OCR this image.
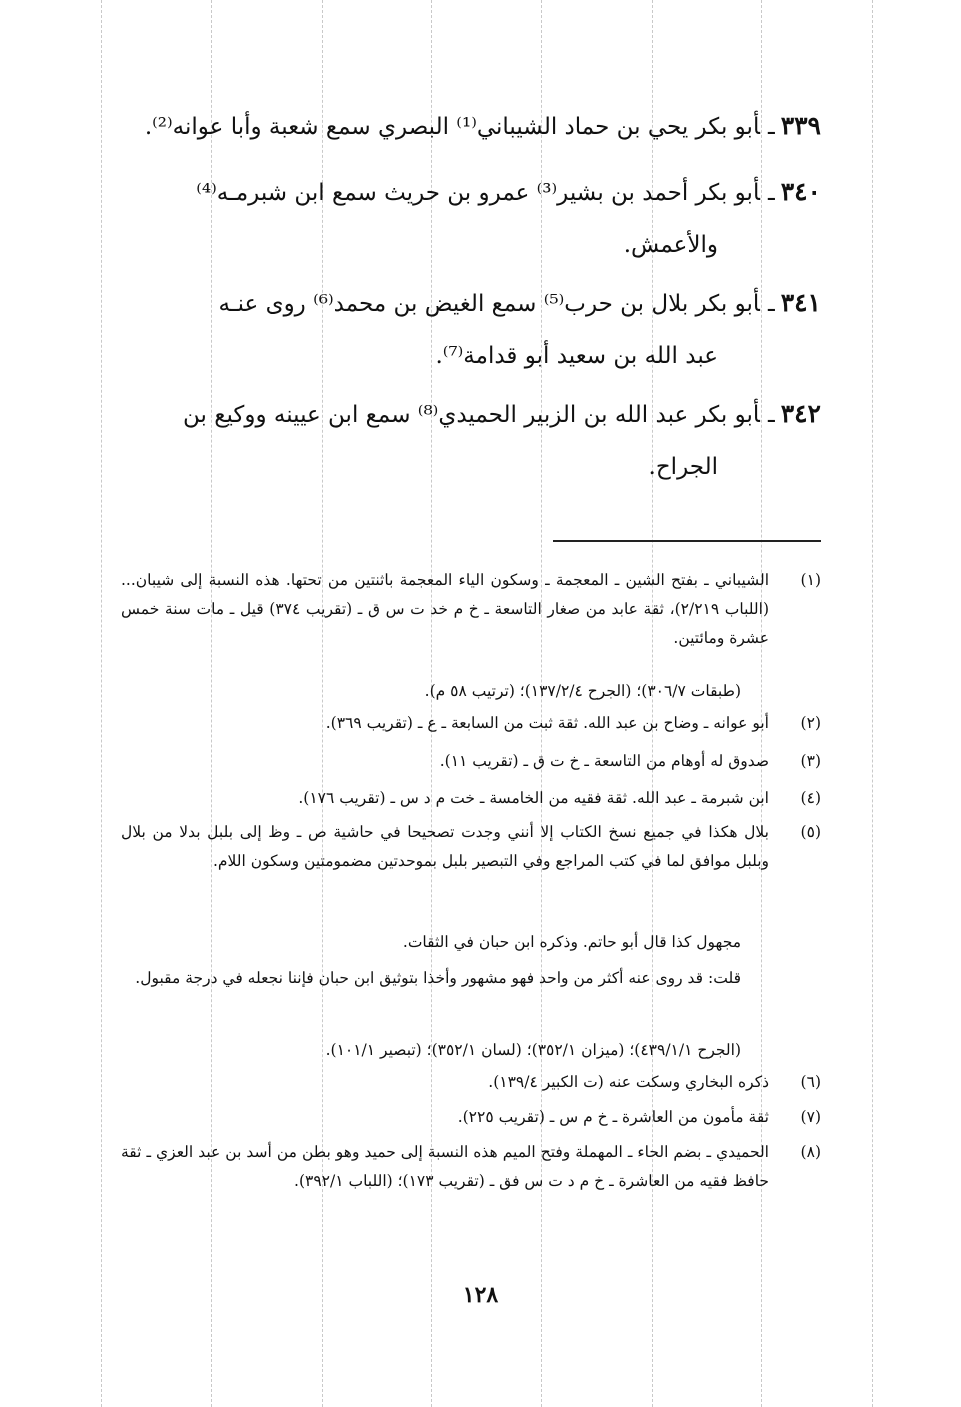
٣٣٩ـأبو بكر يحي بن حماد الشيباني⁽¹⁾ البصري سمع شعبة وأبا عوانه⁽²⁾.
٣٤٠ـأبو بكر أحمد بن بشير⁽³⁾ عمرو بن حريث سمع ابن شبرمـه⁽⁴⁾
والأعمش.
٣٤١ـأبو بكر بلال بن حرب⁽⁵⁾ سمع الغيض بن محمد⁽⁶⁾ روى عنـه
عبد الله بن سعيد أبو قدامة⁽⁷⁾.
٣٤٢ـأبو بكر عبد الله بن الزبير الحميدي⁽⁸⁾ سمع ابن عيينه ووكيع بن
الجراح.
(١)
الشيباني ـ بفتح الشين ـ المعجمة ـ وسكون الياء المعجمة باثنتين من تحتها. هذه النسبة إلى شيبان... (اللباب ٢/٢١٩)، ثقة عابد من صغار التاسعة ـ خ م خد ت س ق ـ (تقريب ٣٧٤) قيل ـ مات سنة خمس عشرة ومائتين.
(طبقات ٣٠٦/٧)؛ (الجرح ١٣٧/٢/٤)؛ (ترتيب ٥٨ م).
(٢)
أبو عوانه ـ وضاح بن عبد الله. ثقة ثبت من السابعة ـ ع ـ (تقريب ٣٦٩).
(٣)
صدوق له أوهام من التاسعة ـ خ ت ق ـ (تقريب ١١).
(٤)
ابن شبرمة ـ عبد الله. ثقة فقيه من الخامسة ـ خت م د س ـ (تقريب ١٧٦).
(٥)
بلال هكذا في جميع نسخ الكتاب إلا أنني وجدت تصحيحا في حاشية ص ـ وظ إلى بلبل بدلا من بلال وبلبل موافق لما في كتب المراجع وفي التبصير بلبل بموحدتين مضمومتين وسكون اللام.
مجهول كذا قال أبو حاتم. وذكره ابن حبان في الثقات.
قلت: قد روى عنه أكثر من واحد فهو مشهور وأخذا بتوثيق ابن حبان فإننا نجعله في درجة مقبول.
(الجرح ٤٣٩/١/١)؛ (ميزان ٣٥٢/١)؛ (لسان ٣٥٢/١)؛ (تبصير ١٠١/١).
(٦)
ذكره البخاري وسكت عنه (ت الكبير ١٣٩/٤).
(٧)
ثقة مأمون من العاشرة ـ خ م س ـ (تقريب ٢٢٥).
(٨)
الحميدي ـ بضم الحاء ـ المهملة وفتح الميم هذه النسبة إلى حميد وهو بطن من أسد بن عبد العزي ـ ثقة حافظ فقيه من العاشرة ـ خ م د ت س فق ـ (تقريب ١٧٣)؛ (اللباب ٣٩٢/١).
١٢٨
